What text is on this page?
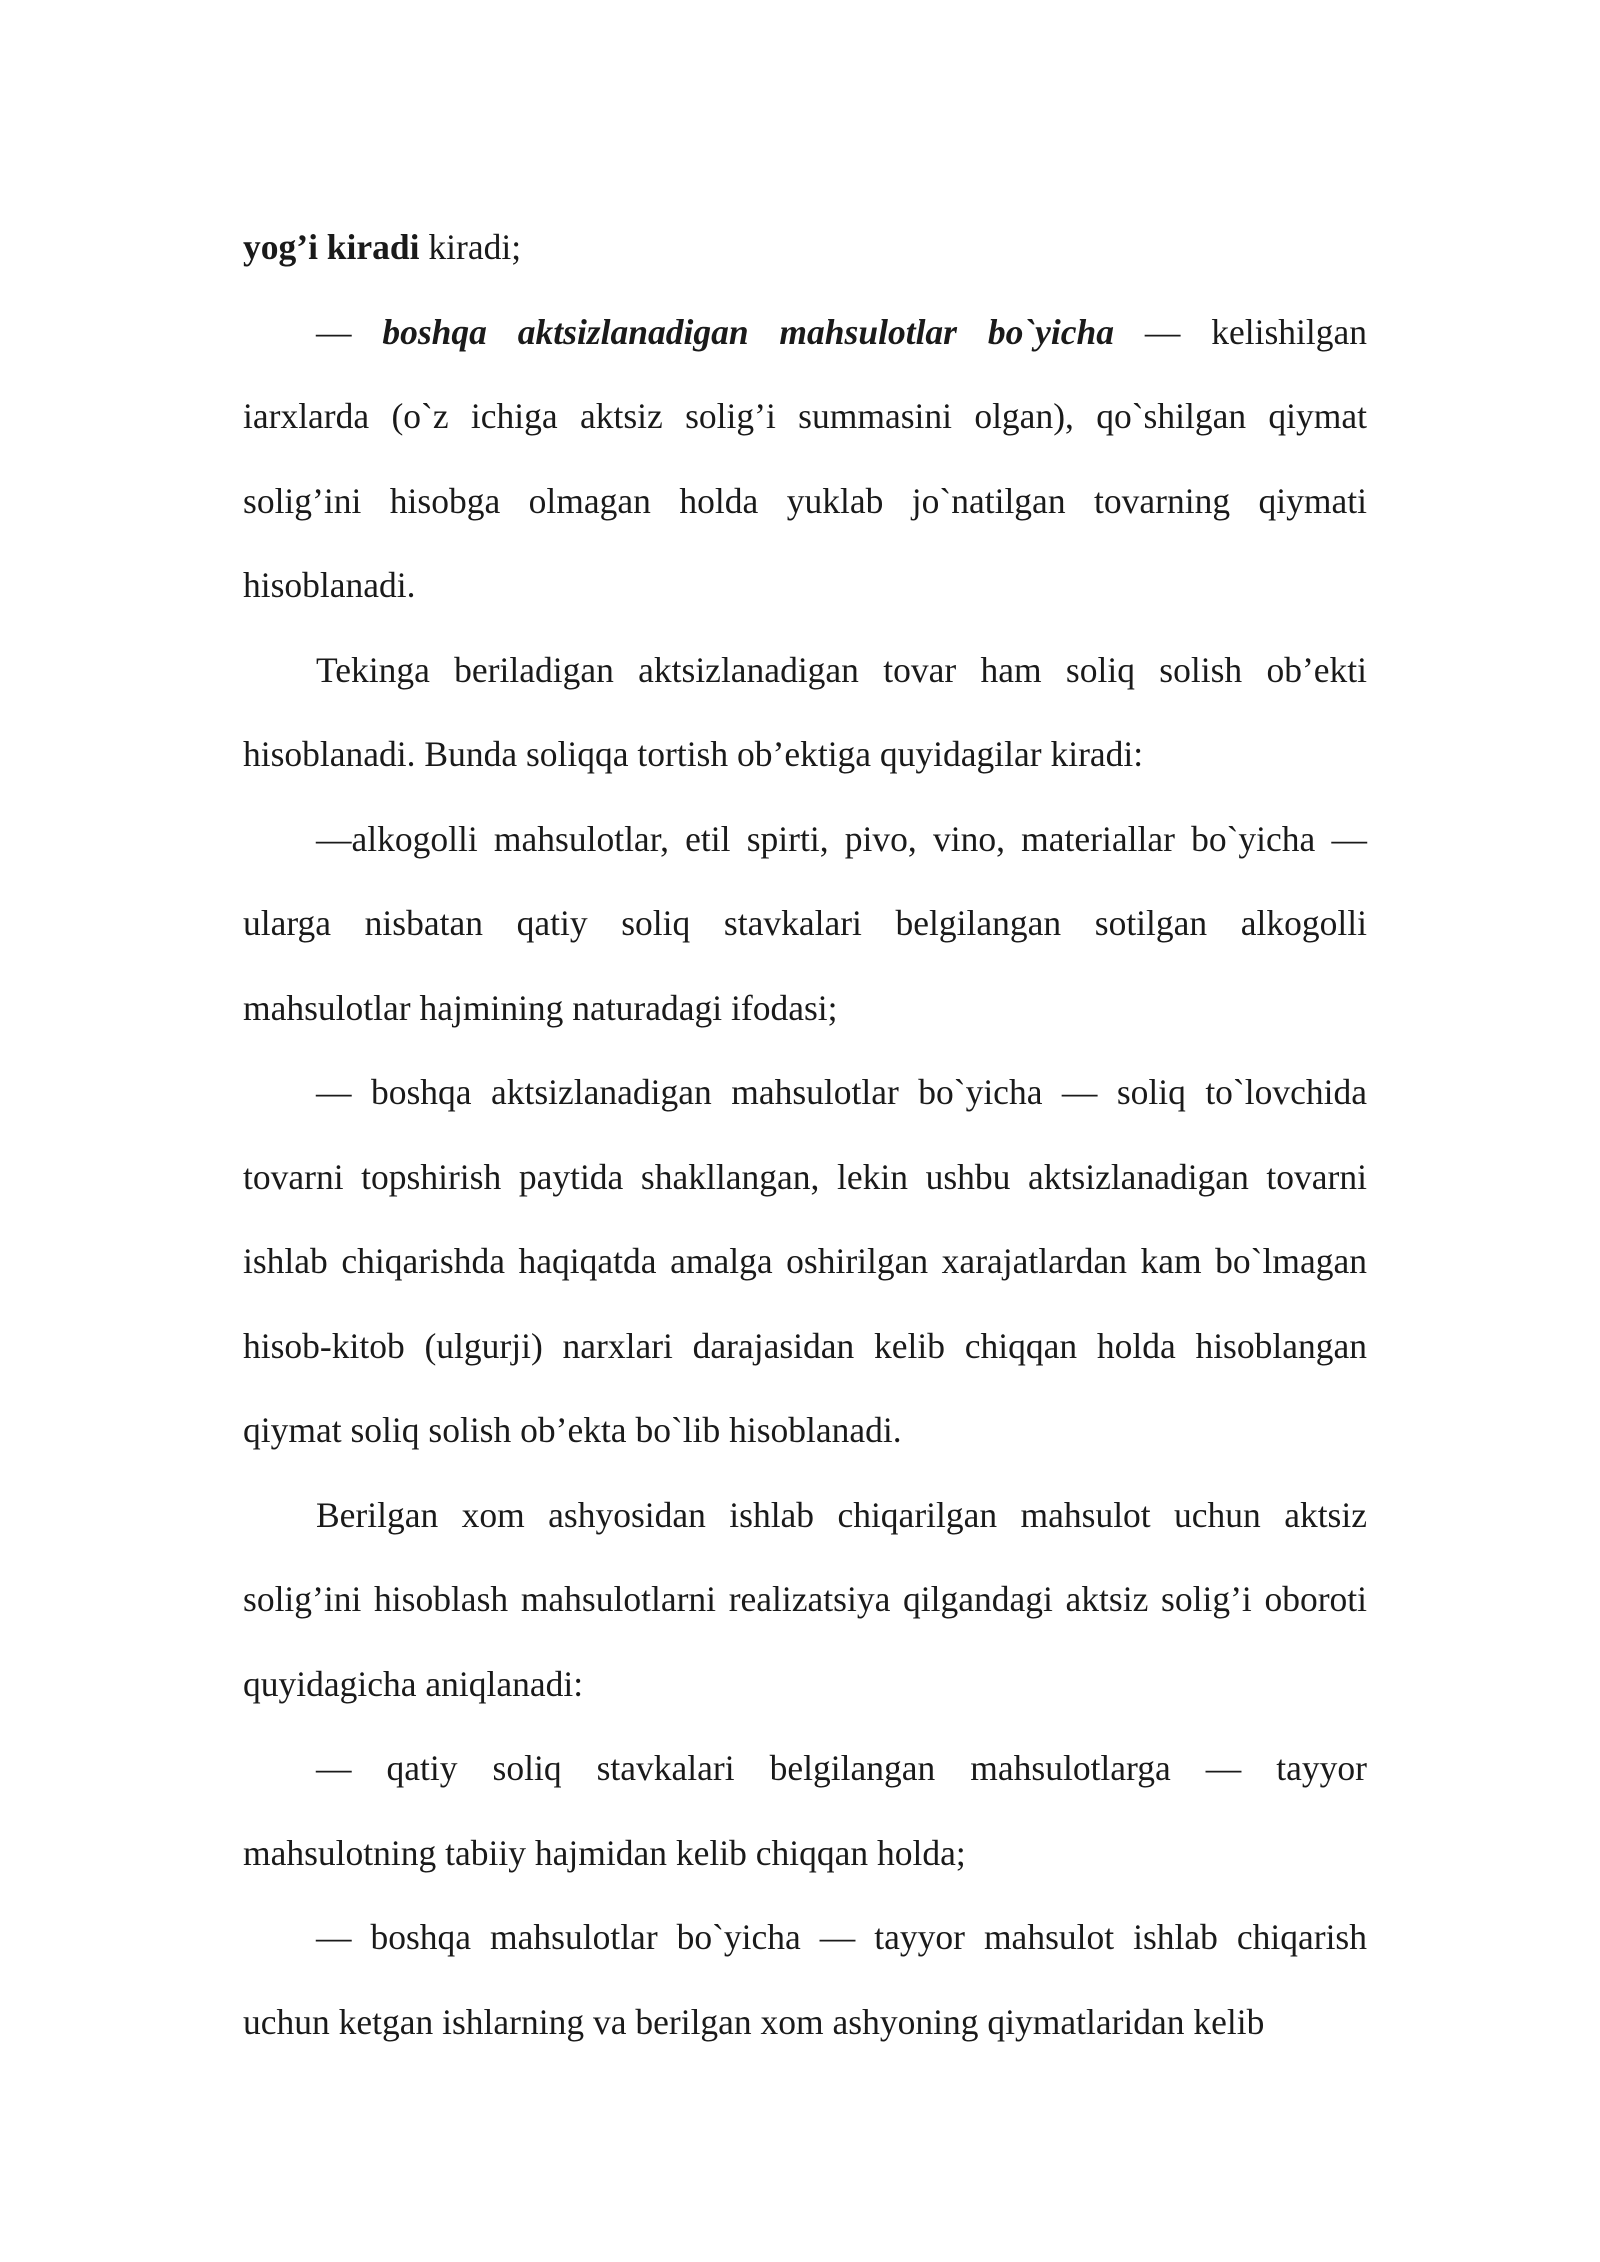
yog’i kiradi kiradi;

— boshqa aktsizlanadigan mahsulotlar bo`yicha — kelishilgan iarxlarda (o`z ichiga aktsiz solig’i summasini olgan), qo`shilgan qiymat solig’ini hisobga olmagan holda yuklab jo`natilgan tovarning qiymati hisoblanadi.

Tekinga beriladigan aktsizlanadigan tovar ham soliq solish ob’ekti hisoblanadi. Bunda soliqqa tortish ob’ektiga quyidagilar kiradi:

—alkogolli mahsulotlar, etil spirti, pivo, vino, materiallar bo`yicha — ularga nisbatan qatiy soliq stavkalari belgilangan sotilgan alkogolli mahsulotlar hajmining naturadagi ifodasi;

— boshqa aktsizlanadigan mahsulotlar bo`yicha — soliq to`lovchida tovarni topshirish paytida shakllangan, lekin ushbu aktsizlanadigan tovarni ishlab chiqarishda haqiqatda amalga oshirilgan xarajatlardan kam bo`lmagan hisob-kitob (ulgurji) narxlari darajasidan kelib chiqqan holda hisoblangan qiymat soliq solish ob’ekta bo`lib hisoblanadi.

Berilgan xom ashyosidan ishlab chiqarilgan mahsulot uchun aktsiz solig’ini hisoblash mahsulotlarni realizatsiya qilgandagi aktsiz solig’i oboroti quyidagicha aniqlanadi:

— qatiy soliq stavkalari belgilangan mahsulotlarga — tayyor mahsulotning tabiiy hajmidan kelib chiqqan holda;

— boshqa mahsulotlar bo`yicha — tayyor mahsulot ishlab chiqarish uchun ketgan ishlarning va berilgan xom ashyoning qiymatlaridan kelib
